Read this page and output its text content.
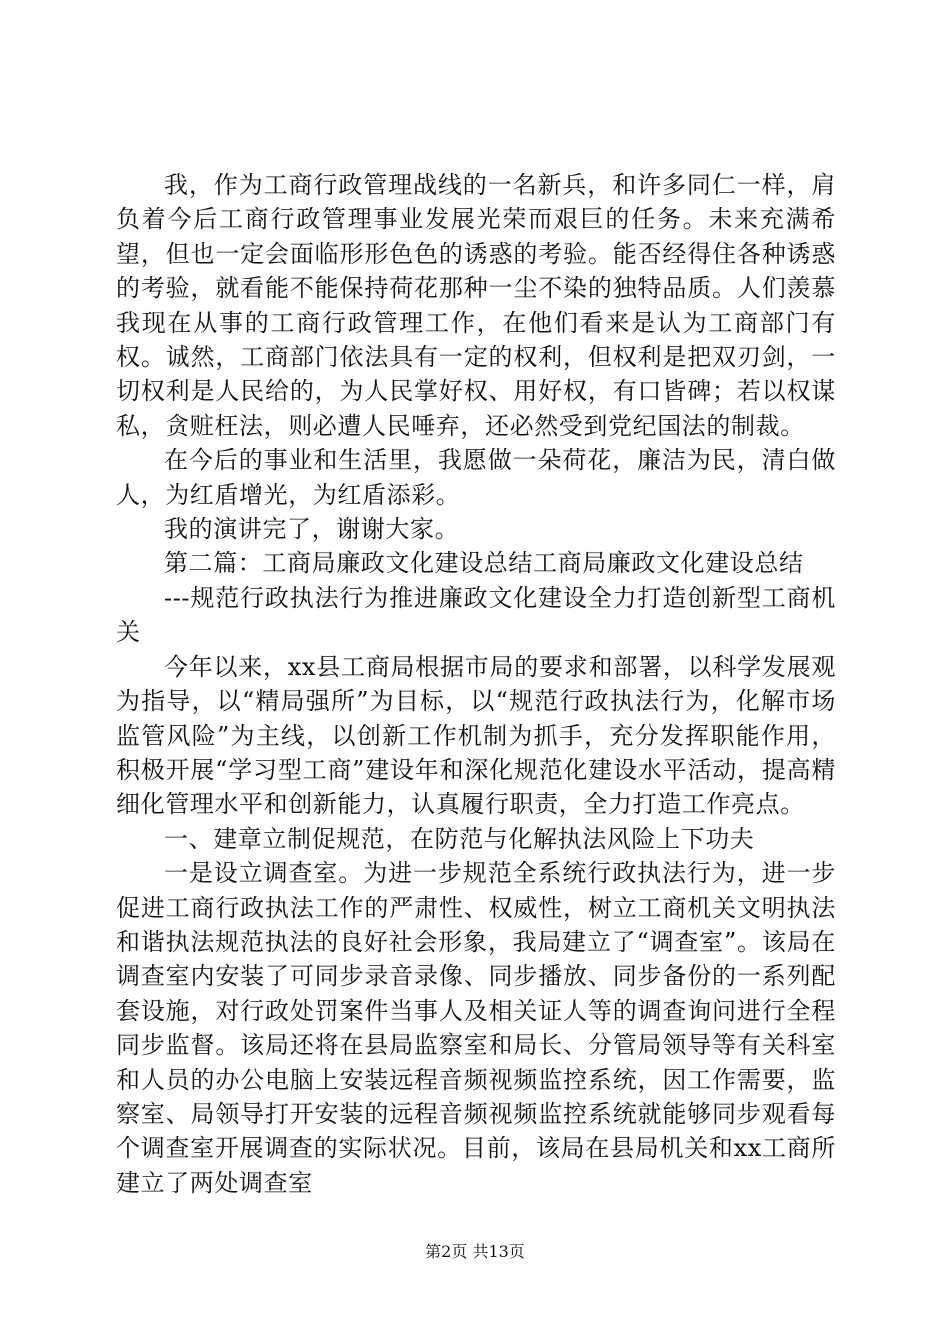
我，作为工商行政管理战线的一名新兵，和许多同仁一样，肩负着今后工商行政管理事业发展光荣而艰巨的任务。未来充满希望，但也一定会面临形形色色的诱惑的考验。能否经得住各种诱惑的考验，就看能不能保持荷花那种一尘不染的独特品质。人们羡慕我现在从事的工商行政管理工作，在他们看来是认为工商部门有权。诚然，工商部门依法具有一定的权利，但权利是把双刃剑，一切权利是人民给的，为人民掌好权、用好权，有口皆碑；若以权谋私，贪赃枉法，则必遭人民唾弃，还必然受到党纪国法的制裁。

在今后的事业和生活里，我愿做一朵荷花，廉洁为民，清白做人，为红盾增光，为红盾添彩。

我的演讲完了，谢谢大家。

第二篇：工商局廉政文化建设总结工商局廉政文化建设总结

---规范行政执法行为推进廉政文化建设全力打造创新型工商机关

今年以来，xx县工商局根据市局的要求和部署，以科学发展观为指导，以“精局强所”为目标，以“规范行政执法行为，化解市场监管风险”为主线，以创新工作机制为抓手，充分发挥职能作用，积极开展“学习型工商”建设年和深化规范化建设水平活动，提高精细化管理水平和创新能力，认真履行职责，全力打造工作亮点。

一、建章立制促规范，在防范与化解执法风险上下功夫

一是设立调查室。为进一步规范全系统行政执法行为，进一步促进工商行政执法工作的严肃性、权威性，树立工商机关文明执法和谐执法规范执法的良好社会形象，我局建立了“调查室”。该局在调查室内安装了可同步录音录像、同步播放、同步备份的一系列配套设施，对行政处罚案件当事人及相关证人等的调查询问进行全程同步监督。该局还将在县局监察室和局长、分管局领导等有关科室和人员的办公电脑上安装远程音频视频监控系统，因工作需要，监察室、局领导打开安装的远程音频视频监控系统就能够同步观看每个调查室开展调查的实际状况。目前，该局在县局机关和xx工商所建立了两处调查室

第2页 共13页
